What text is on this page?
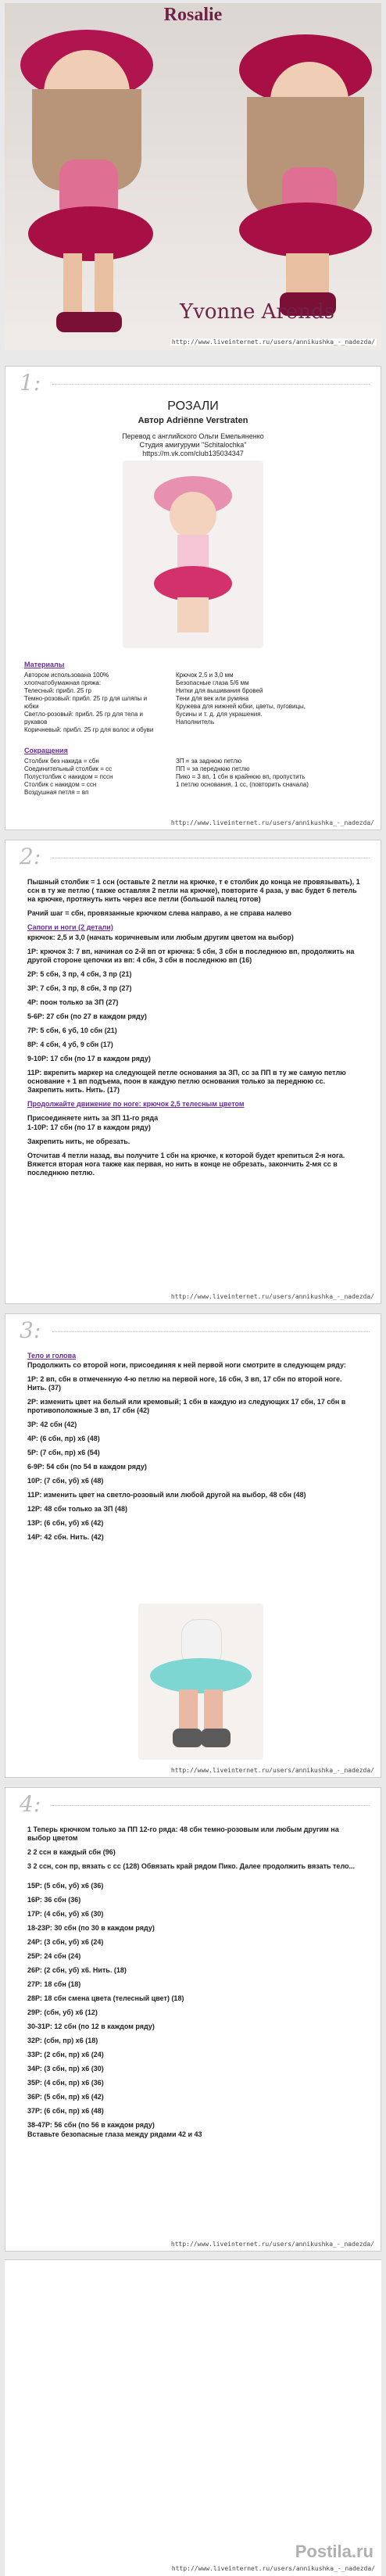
Rosalie
Yvonne Arends
http://www.liveinternet.ru/users/annikushka_-_nadezda/
1:
РОЗАЛИ
Автор Adriënne Verstraten
Перевод с английского Ольги Емельяненко
Студия амигуруми "Schitalochka"
https://m.vk.com/club135034347
Материалы
Автором использована 100% хлопчатобумажная пряжа:
Телесный: прибл. 25 гр
Темно-розовый: прибл. 25 гр для шляпы и юбки
Светло-розовый: прибл. 25 гр для тела и рукавов
Коричневый: прибл. 25 гр для волос и обуви
Крючок 2,5 и 3,0 мм
Безопасные глаза 5/6 мм
Нитки для вышивания бровей
Тени для век или румяна
Кружева для нижней юбки, цветы, пуговицы, бусины и т. д. для украшения.
Наполнитель
Сокращения
Столбик без накида = сбн
Соединительный столбик = сс
Полустолбик с накидом = пссн
Столбик с накидом = ссн
Воздушная петля = вп
ЗП = за заднюю петлю
ПП = за переднюю петлю
Пико = 3 вп, 1 сбн в крайнюю вп, пропустить 1 петлю основания, 1 сс, (повторить сначала)
http://www.liveinternet.ru/users/annikushka_-_nadezda/
2:

Пышный столбик = 1 ссн (оставьте 2 петли на крючке, т е столбик до конца не провязывать), 1 ссн в ту же петлю ( также оставляя 2 петли на крючке), повторите 4 раза, у вас будет 6 петель на крючке, протянуть нить через все петли (большой палец готов)

Рачий шаг = сбн, провязанные крючком слева направо, а не справа налево

Сапоги и ноги (2 детали)

крючок: 2,5 и 3,0 (начать коричневым или любым другим цветом на выбор)

1Р: крючок 3: 7 вп, начиная со 2-й вп от крючка: 5 сбн, 3 сбн в последнюю вп, продолжить на другой стороне цепочки из вп: 4 сбн, 3 сбн в последнюю вп (16)

2Р: 5 сбн, 3 пр, 4 сбн, 3 пр (21)

3Р: 7 сбн, 3 пр, 8 сбн, 3 пр (27)

4Р: поон только за ЗП (27)

5-6Р: 27 сбн (по 27 в каждом ряду)

7Р: 5 сбн, 6 уб, 10 сбн (21)

8Р: 4 сбн, 4 уб, 9 сбн (17)

9-10Р: 17 сбн (по 17 в каждом ряду)

11Р: вкрепить маркер на следующей петле основания за ЗП, сс за ПП в ту же самую петлю основание + 1 вп подъема, поон в каждую петлю основания только за переднюю сс. Закрепить нить. Нить. (17)

Продолжайте движение по ноге: крючок 2,5 телесным цветом

Присоединяете нить за ЗП 11-го ряда

1-10Р: 17 сбн (по 17 в каждом ряду)

Закрепить нить, не обрезать.

Отсчитав 4 петли назад, вы получите 1 сбн на крючке, к которой будет крепиться 2-я нога. Вяжется вторая нога также как первая, но нить в конце не обрезать, закончить 2-мя сс в последнюю петлю.

http://www.liveinternet.ru/users/annikushka_-_nadezda/
3:

Тело и голова

Продолжить со второй ноги, присоединяя к ней первой ноги смотрите в следующем ряду:

1Р: 2 вп, сбн в отмеченную 4-ю петлю на первой ноге, 16 сбн, 3 вп, 17 сбн по второй ноге. Нить. (37)

2Р: изменить цвет на белый или кремовый; 1 сбн в каждую из следующих 17 сбн, 17 сбн в противоположные 3 вп, 17 сбн (42)

3Р: 42 сбн (42)

4Р: (6 сбн, пр) х6 (48)

5Р: (7 сбн, пр) х6 (54)

6-9Р: 54 сбн (по 54 в каждом ряду)

10Р: (7 сбн, уб) х6 (48)

11Р: изменить цвет на светло-розовый или любой другой на выбор, 48 сбн (48)

12Р: 48 сбн только за ЗП (48)

13Р: (6 сбн, уб) х6 (42)

14Р: 42 сбн. Нить. (42)

http://www.liveinternet.ru/users/annikushka_-_nadezda/
4:

1 Теперь крючком только за ПП 12-го ряда: 48 сбн темно-розовым или любым другим на выбор цветом

2 2 ссн в каждый сбн (96)

3 2 ссн, сон пр, вязать с сс (128) Обвязать край рядом Пико. Далее продолжить вязать тело...

15Р: (5 сбн, уб) х6 (36)

16Р: 36 сбн (36)

17Р: (4 сбн, уб) х6 (30)

18-23Р: 30 сбн (по 30 в каждом ряду)

24Р: (3 сбн, уб) х6 (24)

25Р: 24 сбн (24)

26Р: (2 сбн, уб) х6. Нить. (18)

27Р: 18 сбн (18)

28Р: 18 сбн смена цвета (телесный цвет) (18)

29Р: (сбн, уб) х6 (12)

30-31Р: 12 сбн (по 12 в каждом ряду)

32Р: (сбн, пр) х6 (18)

33Р: (2 сбн, пр) х6 (24)

34Р: (3 сбн, пр) х6 (30)

35Р: (4 сбн, пр) х6 (36)

36Р: (5 сбн, пр) х6 (42)

37Р: (6 сбн, пр) х6 (48)

38-47Р: 56 сбн (по 56 в каждом ряду)

Вставьте безопасные глаза между рядами 42 и 43

http://www.liveinternet.ru/users/annikushka_-_nadezda/
Postila.ru
http://www.liveinternet.ru/users/annikushka_-_nadezda/
